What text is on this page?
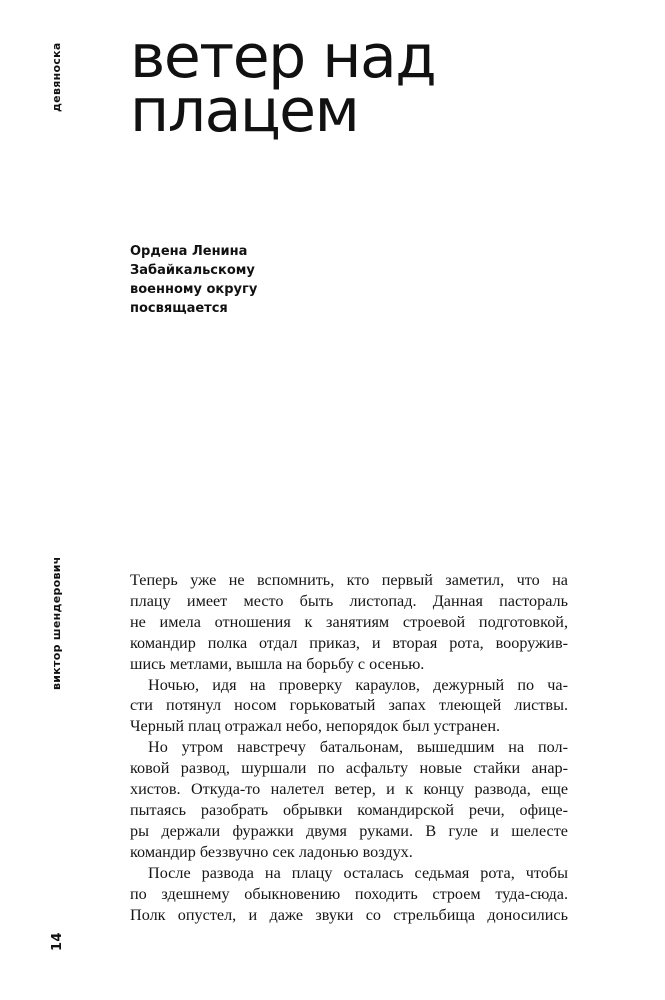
девяноска
виктор шендерович
14
ветер над
плацем
Ордена Ленина
Забайкальскому
военному округу
посвящается
Теперь уже не вспомнить, кто первый заметил, что на
плацу имеет место быть листопад. Данная пастораль
не имела отношения к занятиям строевой подготовкой,
командир полка отдал приказ, и вторая рота, вооружив-
шись метлами, вышла на борьбу с осенью.
Ночью, идя на проверку караулов, дежурный по ча-
сти потянул носом горьковатый запах тлеющей листвы.
Черный плац отражал небо, непорядок был устранен.
Но утром навстречу батальонам, вышедшим на пол-
ковой развод, шуршали по асфальту новые стайки анар-
хистов. Откуда-то налетел ветер, и к концу развода, еще
пытаясь разобрать обрывки командирской речи, офице-
ры держали фуражки двумя руками. В гуле и шелесте
командир беззвучно сек ладонью воздух.
После развода на плацу осталась седьмая рота, чтобы
по здешнему обыкновению походить строем туда-сюда.
Полк опустел, и даже звуки со стрельбища доносились
